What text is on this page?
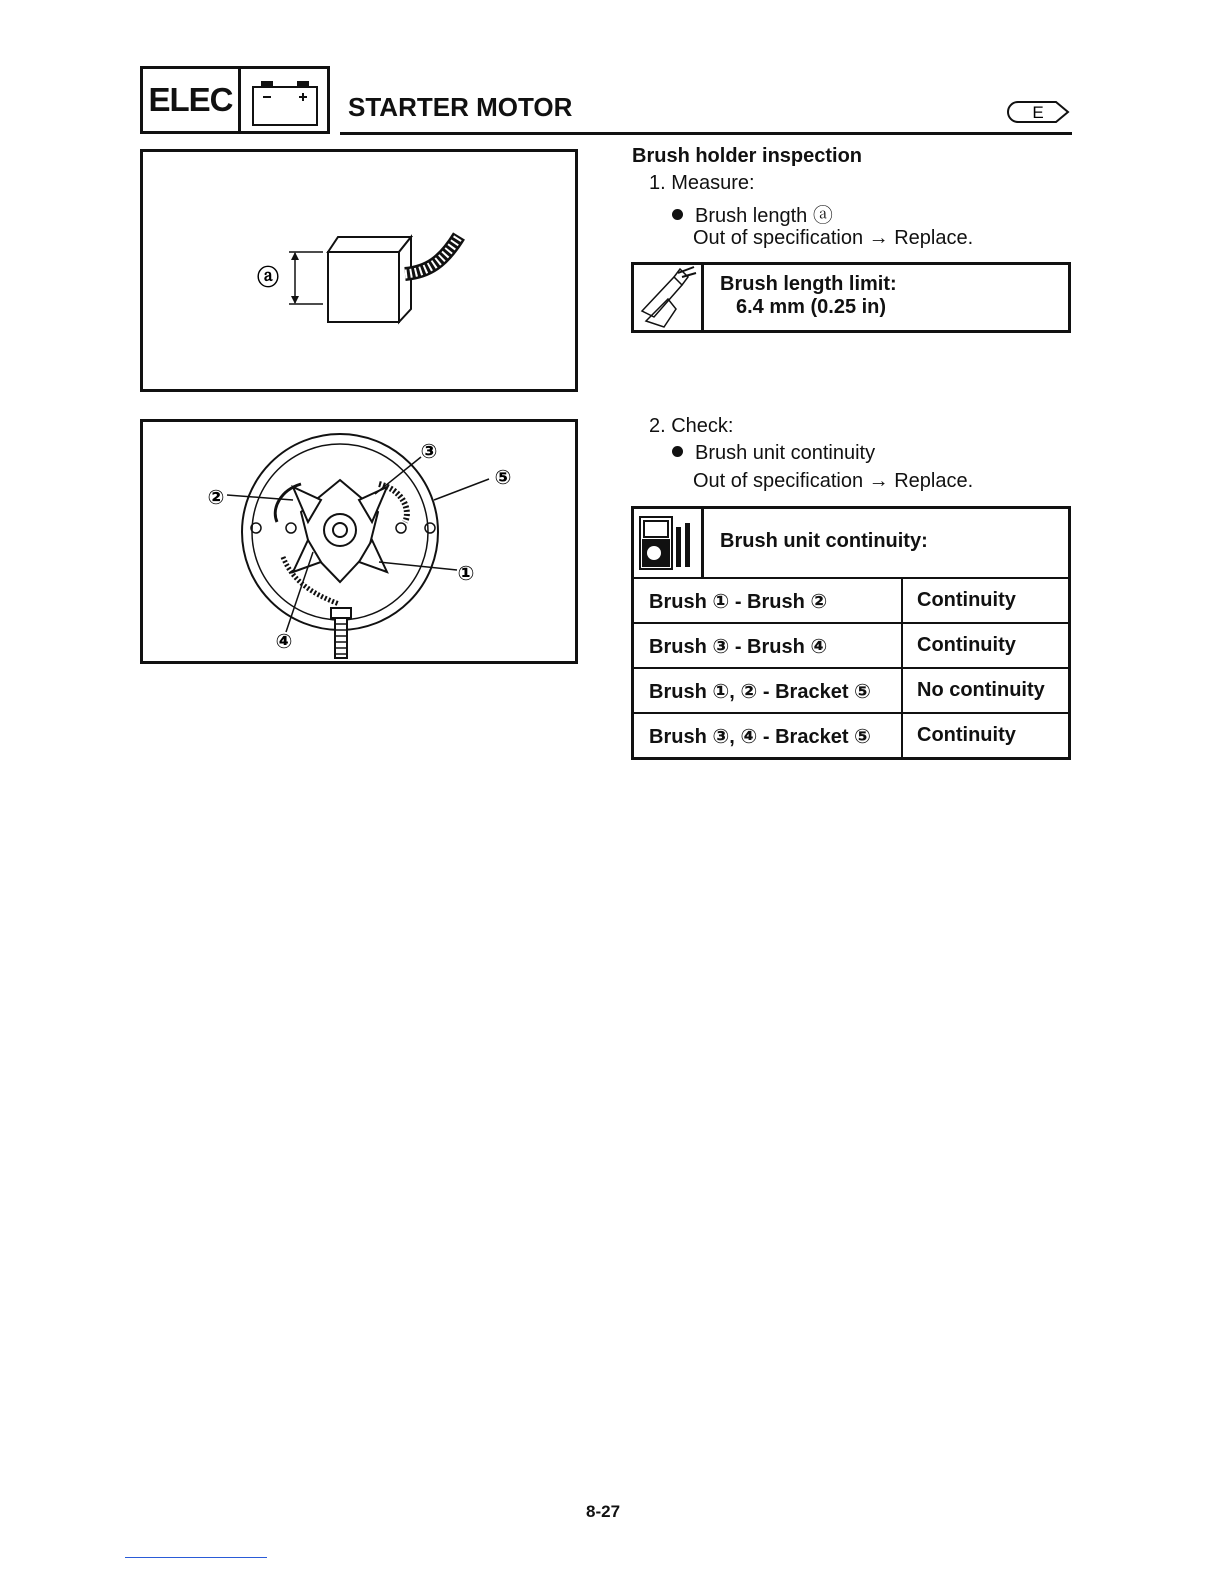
ELEC	STARTER MOTOR	E
ⓐ
①
②
③
④
⑤
Brush holder inspection
1. Measure:
Brush length ⓐ
Out of specification → Replace.
Brush length limit:
6.4 mm (0.25 in)
2. Check:
Brush unit continuity
Out of specification → Replace.
Brush unit continuity:
Brush ① - Brush ②	Continuity
Brush ③ - Brush ④	Continuity
Brush ①, ② - Bracket ⑤ No continuity
Brush ③, ④ - Bracket ⑤ Continuity
8-27
